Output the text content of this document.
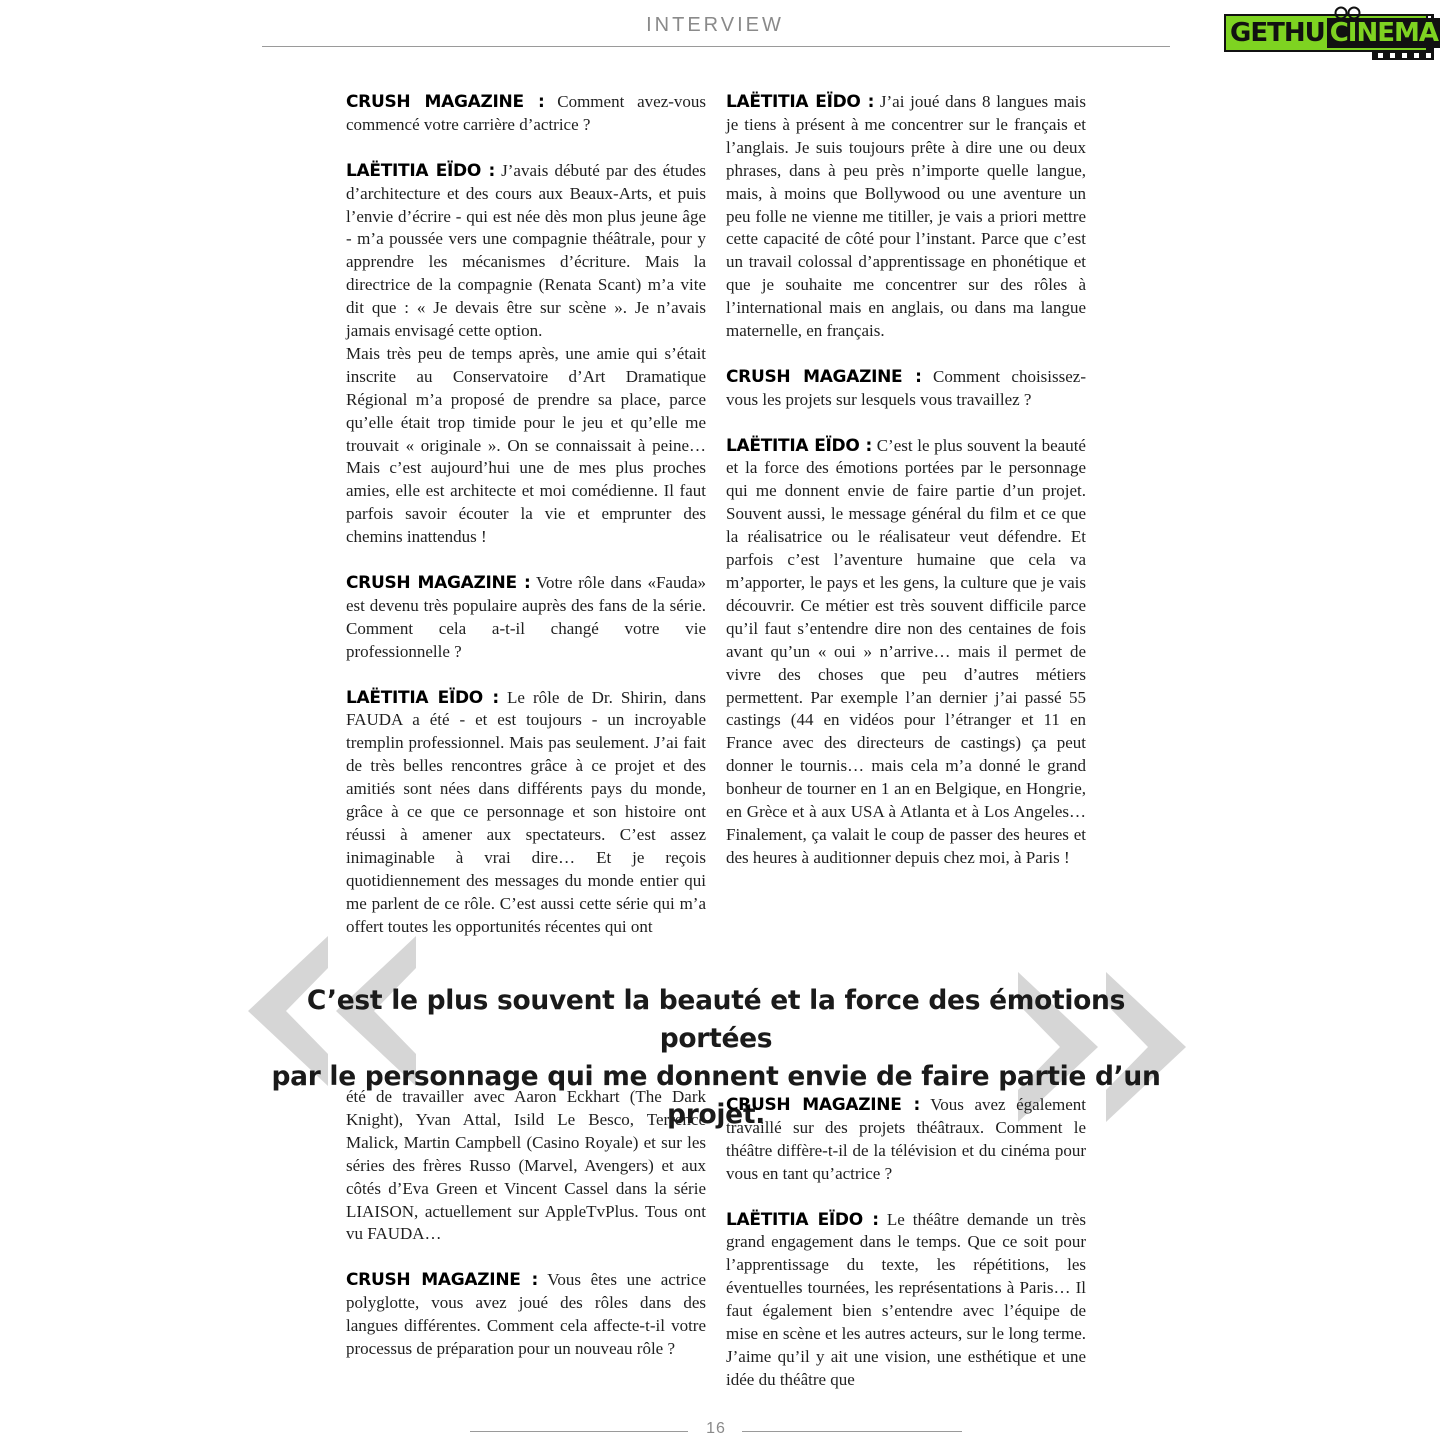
INTERVIEW	GETHU CINEMA

CRUSH MAGAZINE : Comment avez-vous commencé votre carrière d’actrice ?

LAËTITIA EÏDO : J’avais débuté par des études d’architecture et des cours aux Beaux-Arts, et puis l’envie d’écrire - qui est née dès mon plus jeune âge - m’a poussée vers une compagnie théâtrale, pour y apprendre les mécanismes d’écriture. Mais la directrice de la compagnie (Renata Scant) m’a vite dit que : « Je devais être sur scène ». Je n’avais jamais envisagé cette option.

Mais très peu de temps après, une amie qui s’était inscrite au Conservatoire d’Art Dramatique Régional m’a proposé de prendre sa place, parce qu’elle était trop timide pour le jeu et qu’elle me trouvait « originale ». On se connaissait à peine… Mais c’est aujourd’hui une de mes plus proches amies, elle est architecte et moi comédienne. Il faut parfois savoir écouter la vie et emprunter des chemins inattendus !

CRUSH MAGAZINE : Votre rôle dans «Fauda» est devenu très populaire auprès des fans de la série. Comment cela a-t-il changé votre vie professionnelle ?

LAËTITIA EÏDO : Le rôle de Dr. Shirin, dans FAUDA a été - et est toujours - un incroyable tremplin professionnel. Mais pas seulement. J’ai fait de très belles rencontres grâce à ce projet et des amitiés sont nées dans différents pays du monde, grâce à ce que ce personnage et son histoire ont réussi à amener aux spectateurs. C’est assez inimaginable à vrai dire… Et je reçois quotidiennement des messages du monde entier qui me parlent de ce rôle. C’est aussi cette série qui m’a offert toutes les opportunités récentes qui ont

LAËTITIA EÏDO : J’ai joué dans 8 langues mais je tiens à présent à me concentrer sur le français et l’anglais. Je suis toujours prête à dire une ou deux phrases, dans à peu près n’importe quelle langue, mais, à moins que Bollywood ou une aventure un peu folle ne vienne me titiller, je vais a priori mettre cette capacité de côté pour l’instant. Parce que c’est un travail colossal d’apprentissage en phonétique et que je souhaite me concentrer sur des rôles à l’international mais en anglais, ou dans ma langue maternelle, en français.

CRUSH MAGAZINE : Comment choisissez-vous les projets sur lesquels vous travaillez ?

LAËTITIA EÏDO : C’est le plus souvent la beauté et la force des émotions portées par le personnage qui me donnent envie de faire partie d’un projet. Souvent aussi, le message général du film et ce que la réalisatrice ou le réalisateur veut défendre. Et parfois c’est l’aventure humaine que cela va m’apporter, le pays et les gens, la culture que je vais découvrir. Ce métier est très souvent difficile parce qu’il faut s’entendre dire non des centaines de fois avant qu’un « oui » n’arrive… mais il permet de vivre des choses que peu d’autres métiers permettent. Par exemple l’an dernier j’ai passé 55 castings (44 en vidéos pour l’étranger et 11 en France avec des directeurs de castings) ça peut donner le tournis… mais cela m’a donné le grand bonheur de tourner en 1 an en Belgique, en Hongrie, en Grèce et à aux USA à Atlanta et à Los Angeles… Finalement, ça valait le coup de passer des heures et des heures à auditionner depuis chez moi, à Paris !

C’est le plus souvent la beauté et la force des émotions portées
par le personnage qui me donnent envie de faire partie d’un projet.

été de travailler avec Aaron Eckhart (The Dark Knight), Yvan Attal, Isild Le Besco, Terrence Malick, Martin Campbell (Casino Royale) et sur les séries des frères Russo (Marvel, Avengers) et aux côtés d’Eva Green et Vincent Cassel dans la série LIAISON, actuellement sur AppleTvPlus. Tous ont vu FAUDA…

CRUSH MAGAZINE : Vous êtes une actrice polyglotte, vous avez joué des rôles dans des langues différentes. Comment cela affecte-t-il votre processus de préparation pour un nouveau rôle ?

CRUSH MAGAZINE : Vous avez également travaillé sur des projets théâtraux. Comment le théâtre diffère-t-il de la télévision et du cinéma pour vous en tant qu’actrice ?

LAËTITIA EÏDO : Le théâtre demande un très grand engagement dans le temps. Que ce soit pour l’apprentissage du texte, les répétitions, les éventuelles tournées, les représentations à Paris… Il faut également bien s’entendre avec l’équipe de mise en scène et les autres acteurs, sur le long terme. J’aime qu’il y ait une vision, une esthétique et une idée du théâtre que

16
